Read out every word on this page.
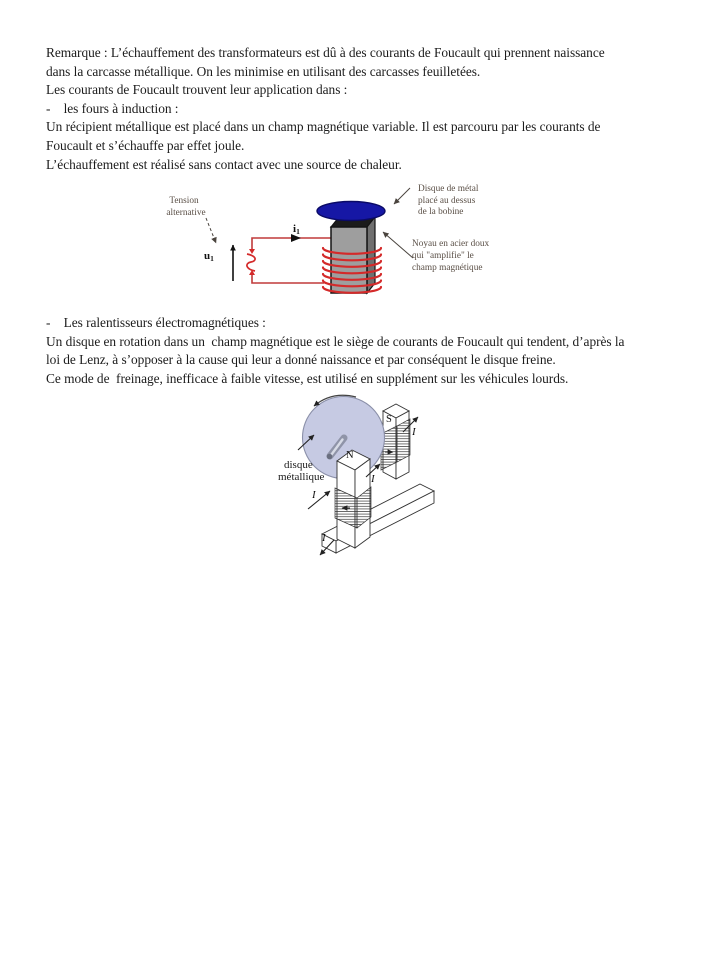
Remarque : L’échauffement des transformateurs est dû à des courants de Foucault qui prennent naissance
dans la carcasse métallique. On les minimise en utilisant des carcasses feuilletées.
Les courants de Foucault trouvent leur application dans :
-    les fours à induction :
Un récipient métallique est placé dans un champ magnétique variable. Il est parcouru par les courants de
Foucault et s’échauffe par effet joule.
L’échauffement est réalisé sans contact avec une source de chaleur.
Tension
alternative
u1
i1
Disque de métal
placé au dessus
de la bobine
Noyau en acier doux
qui "amplifie" le
champ magnétique
-    Les ralentisseurs électromagnétiques :
Un disque en rotation dans un  champ magnétique est le siège de courants de Foucault qui tendent, d’après la
loi de Lenz, à s’opposer à la cause qui leur a donné naissance et par conséquent le disque freine.
Ce mode de  freinage, inefficace à faible vitesse, est utilisé en supplément sur les véhicules lourds.
S
N
I
I
I
I
disque
métallique
